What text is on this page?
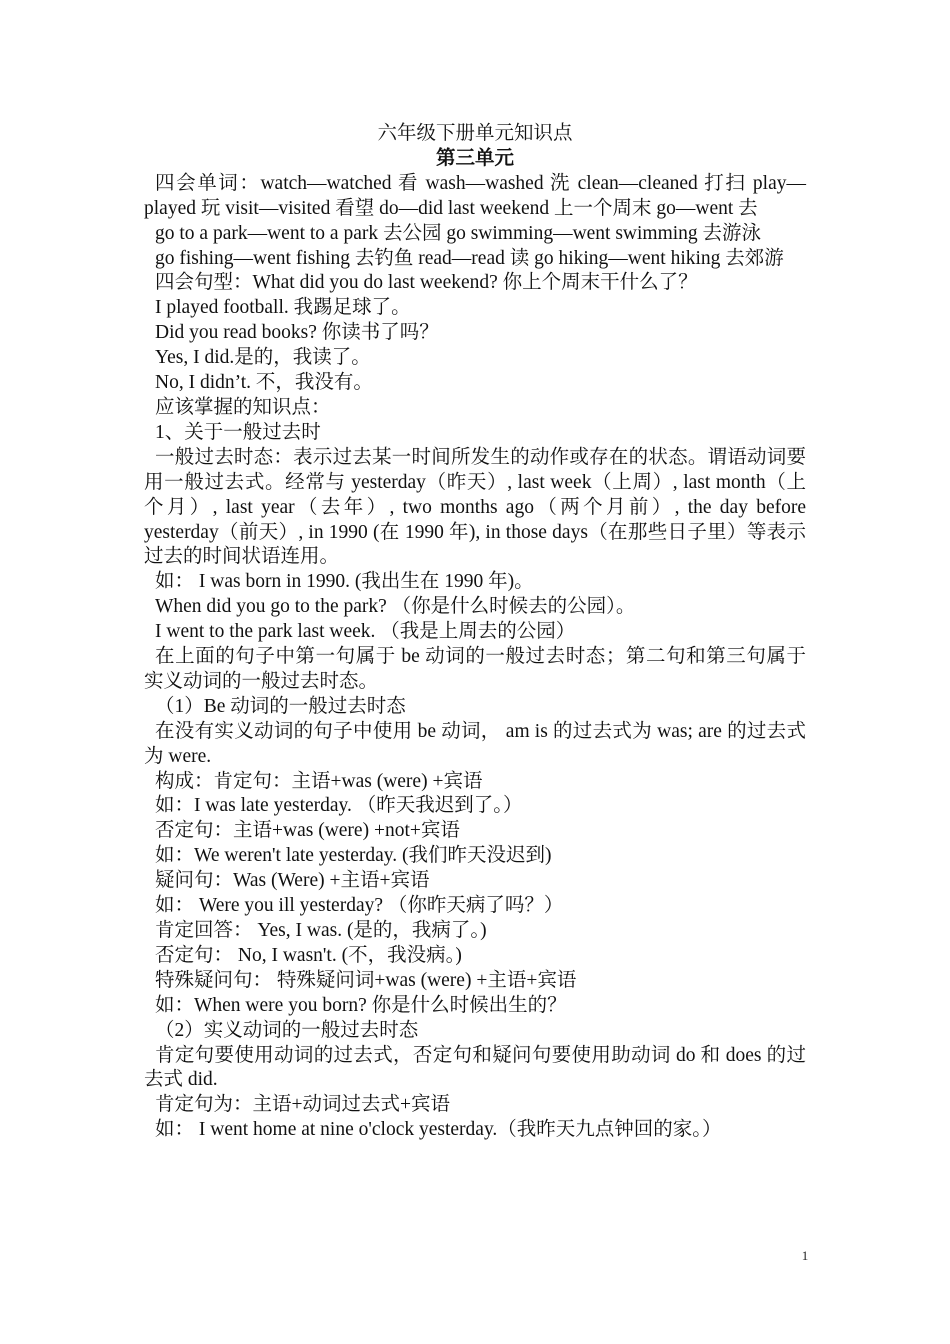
六年级下册单元知识点
第三单元

四会单词：watch—watched 看 wash—washed 洗 clean—cleaned 打扫 play—played 玩 visit—visited 看望 do—did last weekend 上一个周末 go—went 去

go to a park—went to a park 去公园 go swimming—went swimming 去游泳

go fishing—went fishing 去钓鱼 read—read 读 go hiking—went hiking 去郊游

四会句型：What did you do last weekend? 你上个周末干什么了？

I played football. 我踢足球了。

Did you read books? 你读书了吗？

Yes, I did.是的，我读了。

No, I didn’t. 不，我没有。

应该掌握的知识点：

1、关于一般过去时

一般过去时态：表示过去某一时间所发生的动作或存在的状态。谓语动词要用一般过去式。经常与 yesterday（昨天）, last week（上周）, last month（上个月）, last year（去年）, two months ago（两个月前）, the day before yesterday（前天）, in 1990 (在 1990 年), in those days（在那些日子里）等表示过去的时间状语连用。

如： I was born in 1990. (我出生在 1990 年)。

When did you go to the park? （你是什么时候去的公园）。

I went to the park last week. （我是上周去的公园）

在上面的句子中第一句属于 be 动词的一般过去时态；第二句和第三句属于实义动词的一般过去时态。

（1）Be 动词的一般过去时态

在没有实义动词的句子中使用 be 动词， am is 的过去式为 was; are 的过去式为 were.

构成：肯定句：主语+was (were) +宾语

如：I was late yesterday. （昨天我迟到了。）

否定句：主语+was (were) +not+宾语

如：We weren't late yesterday. (我们昨天没迟到)

疑问句：Was (Were) +主语+宾语

如： Were you ill yesterday? （你昨天病了吗？）

肯定回答： Yes, I was. (是的，我病了。)

否定句： No, I wasn't. (不，我没病。)

特殊疑问句： 特殊疑问词+was (were) +主语+宾语

如：When were you born? 你是什么时候出生的？

（2）实义动词的一般过去时态

肯定句要使用动词的过去式，否定句和疑问句要使用助动词 do 和 does 的过去式 did.

肯定句为：主语+动词过去式+宾语

如： I went home at nine o'clock yesterday.（我昨天九点钟回的家。）

1
